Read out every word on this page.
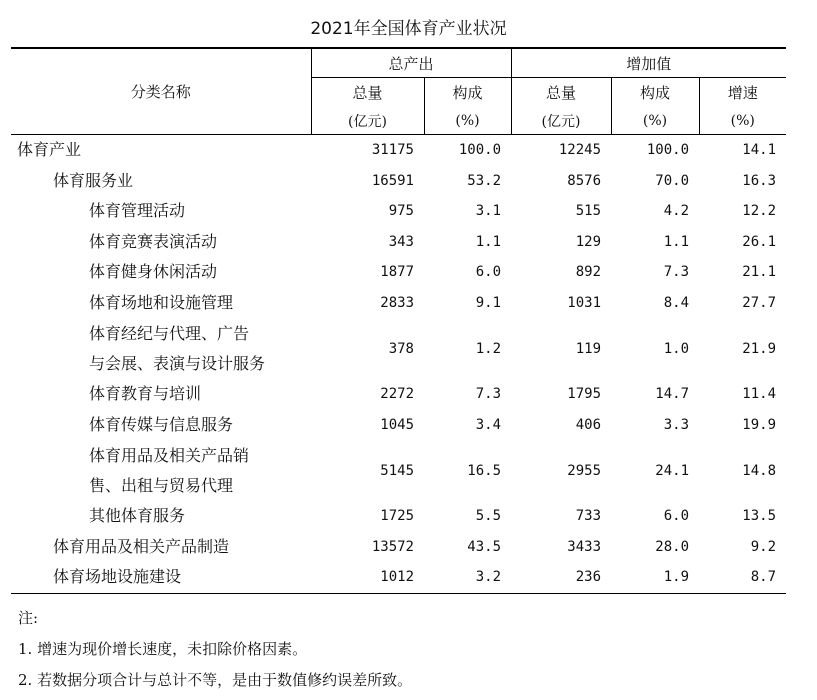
2021年全国体育产业状况
分类名称	总产出		增加值		
	总量	构成	总量	构成	增速
	(亿元)	(%)	(亿元)	(%)	(%)
体育产业	31175	100.0	12245	100.0	14.1
体育服务业	16591	53.2	8576	70.0	16.3
体育管理活动	975	3.1	515	4.2	12.2
体育竞赛表演活动	343	1.1	129	1.1	26.1
体育健身休闲活动	1877	6.0	892	7.3	21.1
体育场地和设施管理	2833	9.1	1031	8.4	27.7

体育经纪与代理、广告
与会展、表演与设计服务	378	1.2	119	1.0	21.9
体育教育与培训	2272	7.3	1795	14.7	11.4
体育传媒与信息服务	1045	3.4	406	3.3	19.9

体育用品及相关产品销
售、出租与贸易代理	5145	16.5	2955	24.1	14.8
其他体育服务	1725	5.5	733	6.0	13.5
体育用品及相关产品制造	13572	43.5	3433	28.0	9.2
体育场地设施建设	1012	3.2	236	1.9	8.7
注:
1. 增速为现价增长速度，未扣除价格因素。
2. 若数据分项合计与总计不等，是由于数值修约误差所致。
